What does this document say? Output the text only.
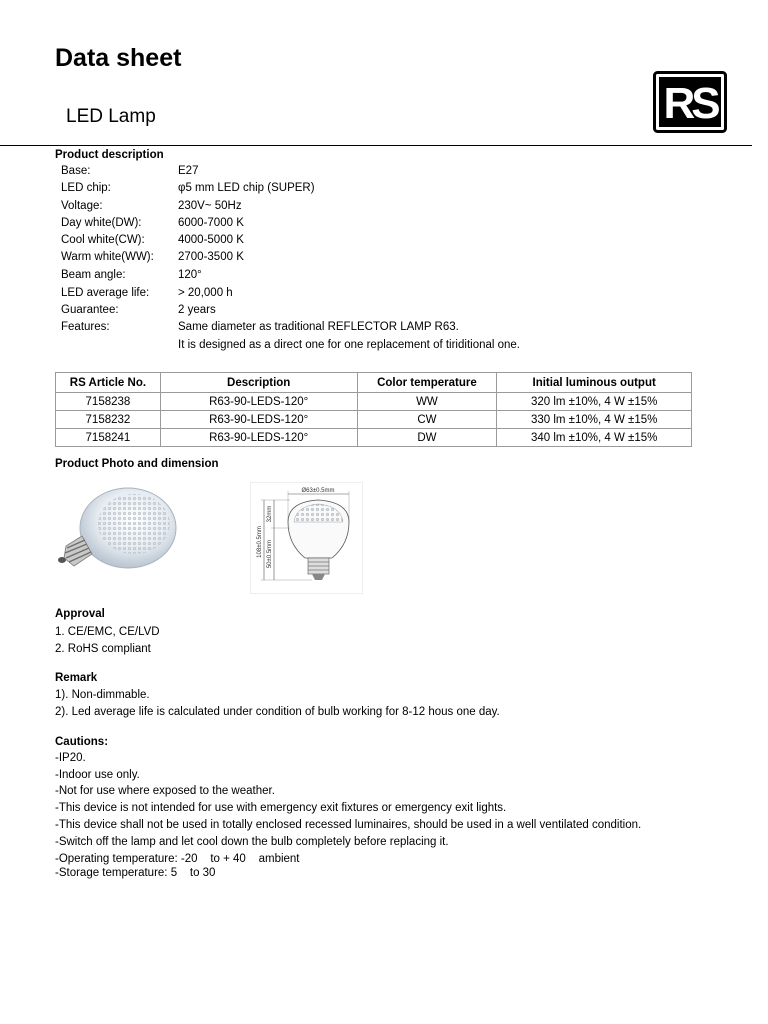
Data sheet
LED Lamp	RS
Product description
Base:	E27
LED chip:	φ5 mm LED chip (SUPER)
Voltage:	230V~ 50Hz
Day white(DW):	6000-7000 K
Cool white(CW):	4000-5000 K
Warm white(WW): 2700-3500 K
Beam angle:	120°
LED average life:	> 20,000 h
Guarantee:	2 years
Features:	Same diameter as traditional REFLECTOR LAMP R63.
It is designed as a direct one for one replacement of tiriditional one.
RS Article No.	Description	Color temperature	Initial luminous output
7158238	R63-90-LEDS-120°	WW	320 lm ±10%, 4 W ±15%
7158232	R63-90-LEDS-120°	CW	330 lm ±10%, 4 W ±15%
7158241	R63-90-LEDS-120°	DW	340 lm ±10%, 4 W ±15%
Product Photo and dimension
Ø63±0.5mm
108±0.5mm 50±0.5mm
32mm
Approval
1. CE/EMC, CE/LVD
2. RoHS compliant
Remark
1). Non-dimmable.
2). Led average life is calculated under condition of bulb working for 8-12 hous one day.
Cautions:
-IP20.
-Indoor use only.
-Not for use where exposed to the weather.
-This device is not intended for use with emergency exit fixtures or emergency exit lights.
-This device shall not be used in totally enclosed recessed luminaires, should be used in a well ventilated condition.
-Switch off the lamp and let cool down the bulb completely before replacing it.
-Operating temperature: -20    to + 40    ambient
-Storage temperature: 5    to 30
